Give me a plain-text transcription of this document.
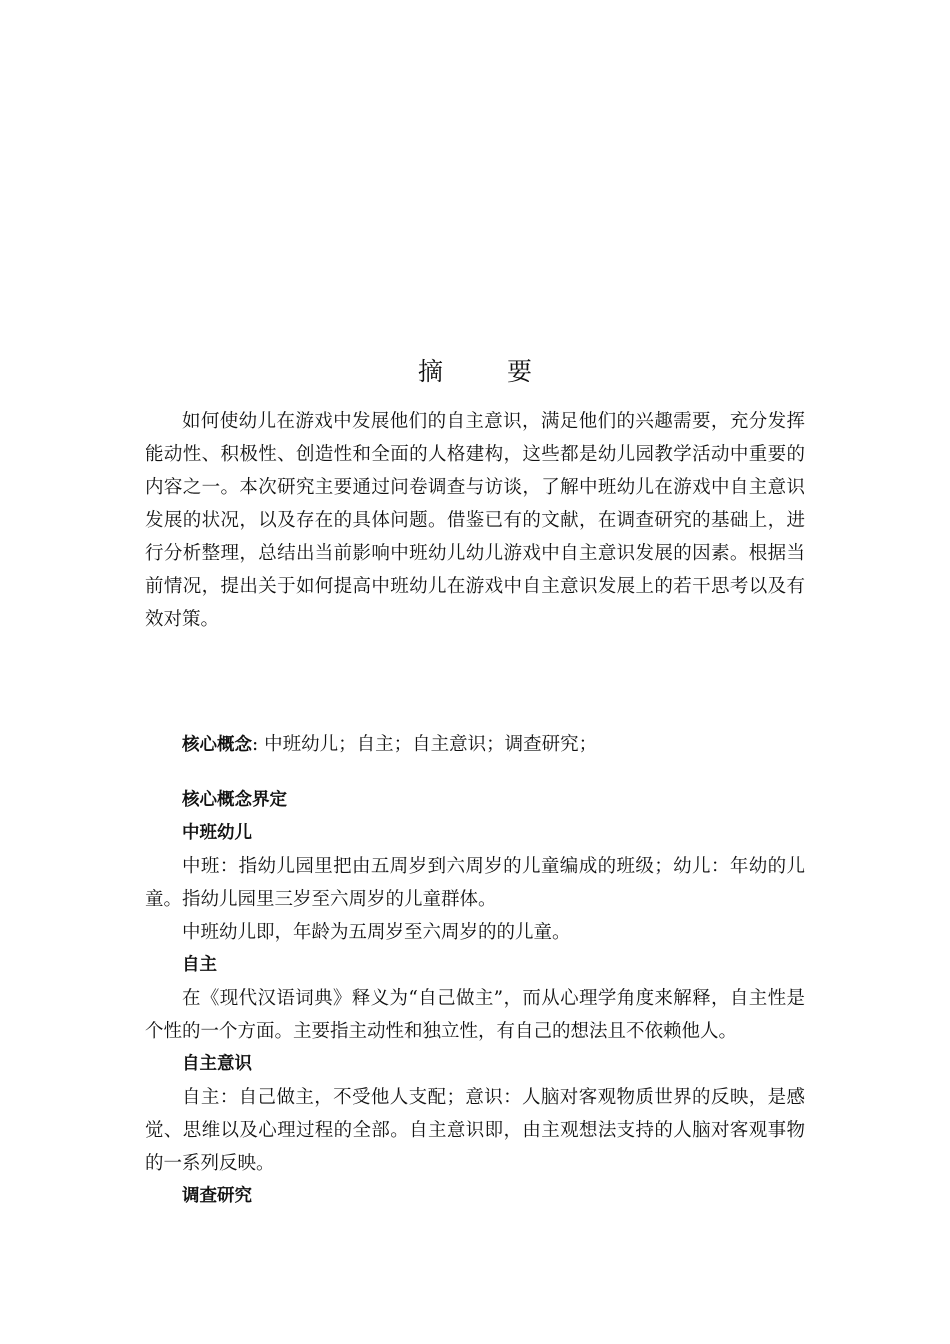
摘 要

如何使幼儿在游戏中发展他们的自主意识，满足他们的兴趣需要，充分发挥能动性、积极性、创造性和全面的人格建构，这些都是幼儿园教学活动中重要的内容之一。本次研究主要通过问卷调查与访谈，了解中班幼儿在游戏中自主意识发展的状况，以及存在的具体问题。借鉴已有的文献，在调查研究的基础上，进行分析整理，总结出当前影响中班幼儿幼儿游戏中自主意识发展的因素。根据当前情况，提出关于如何提高中班幼儿在游戏中自主意识发展上的若干思考以及有效对策。

核心概念: 中班幼儿；自主；自主意识；调查研究；

核心概念界定

中班幼儿

中班：指幼儿园里把由五周岁到六周岁的儿童编成的班级；幼儿：年幼的儿童。指幼儿园里三岁至六周岁的儿童群体。

中班幼儿即，年龄为五周岁至六周岁的的儿童。

自主

在《现代汉语词典》释义为“自己做主”，而从心理学角度来解释，自主性是个性的一个方面。主要指主动性和独立性，有自己的想法且不依赖他人。

自主意识

自主：自己做主，不受他人支配；意识：人脑对客观物质世界的反映，是感觉、思维以及心理过程的全部。自主意识即，由主观想法支持的人脑对客观事物的一系列反映。

调查研究
